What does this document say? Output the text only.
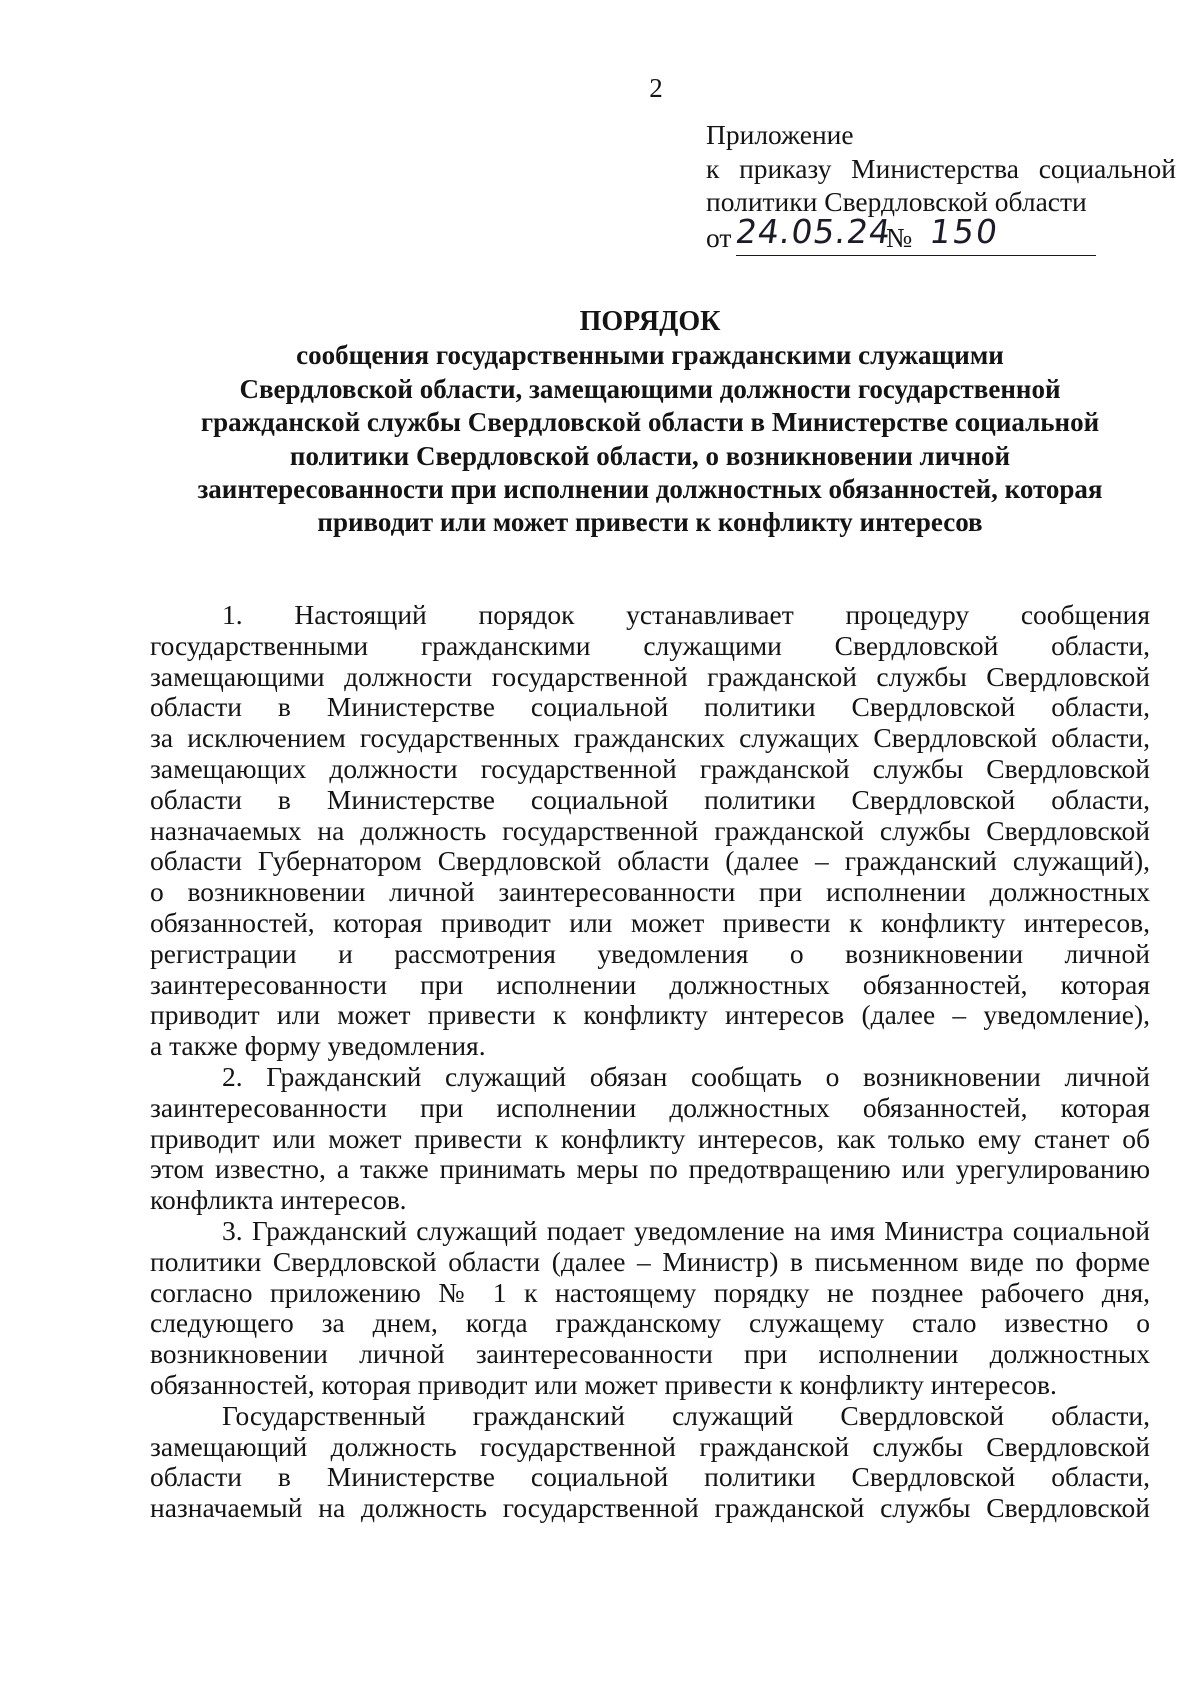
2
Приложение
к приказу Министерства социальной
политики Свердловской области
от 24.05.24
№ 150
ПОРЯДОК
сообщения государственными гражданскими служащими
Свердловской области, замещающими должности государственной
гражданской службы Свердловской области в Министерстве социальной
политики Свердловской области, о возникновении личной
заинтересованности при исполнении должностных обязанностей, которая
приводит или может привести к конфликту интересов
1. Настоящий порядок устанавливает процедуру сообщения
государственными гражданскими служащими Свердловской области,
замещающими должности государственной гражданской службы Свердловской
области в Министерстве социальной политики Свердловской области,
за исключением государственных гражданских служащих Свердловской области,
замещающих должности государственной гражданской службы Свердловской
области в Министерстве социальной политики Свердловской области,
назначаемых на должность государственной гражданской службы Свердловской
области Губернатором Свердловской области (далее – гражданский служащий),
о возникновении личной заинтересованности при исполнении должностных
обязанностей, которая приводит или может привести к конфликту интересов,
регистрации и рассмотрения уведомления о возникновении личной
заинтересованности при исполнении должностных обязанностей, которая
приводит или может привести к конфликту интересов (далее – уведомление),
а также форму уведомления.
2. Гражданский служащий обязан сообщать о возникновении личной
заинтересованности при исполнении должностных обязанностей, которая
приводит или может привести к конфликту интересов, как только ему станет об
этом известно, а также принимать меры по предотвращению или урегулированию
конфликта интересов.
3. Гражданский служащий подает уведомление на имя Министра социальной
политики Свердловской области (далее – Министр) в письменном виде по форме
согласно приложению № 1 к настоящему порядку не позднее рабочего дня,
следующего за днем, когда гражданскому служащему стало известно о
возникновении личной заинтересованности при исполнении должностных
обязанностей, которая приводит или может привести к конфликту интересов.
Государственный гражданский служащий Свердловской области,
замещающий должность государственной гражданской службы Свердловской
области в Министерстве социальной политики Свердловской области,
назначаемый на должность государственной гражданской службы Свердловской
